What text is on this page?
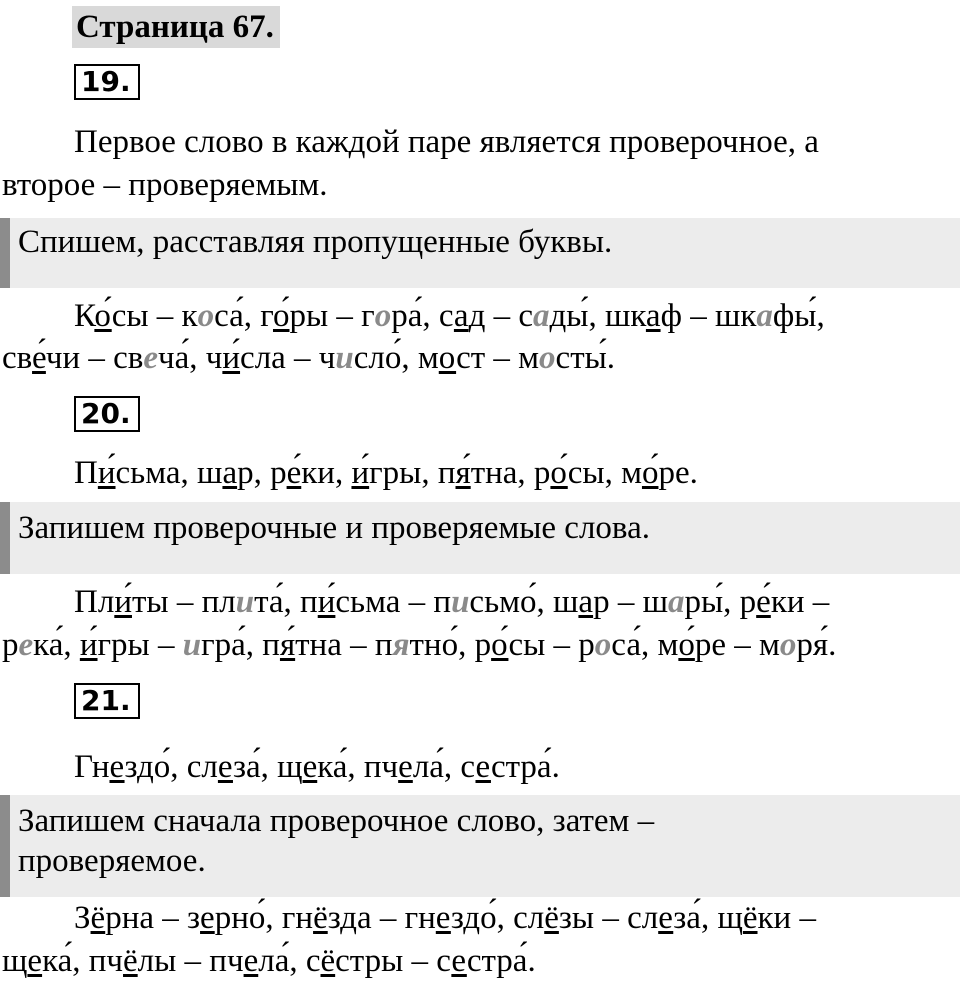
Страница 67.
19.
Первое слово в каждой паре является проверочное, а
второе – проверяемым.
Спишем, расставляя пропущенные буквы.
Ко́сы – коса́, го́ры – гора́, сад – сады́, шкаф – шкафы́,
све́чи – свеча́, чи́сла – число́, мост – мосты́.
20.
Пи́сьма, шар, ре́ки, и́гры, пя́тна, ро́сы, мо́ре.
Запишем проверочные и проверяемые слова.
Пли́ты – плита́, пи́сьма – письмо́, шар – шары́, ре́ки –
река́, и́гры – игра́, пя́тна – пятно́, ро́сы – роса́, мо́ре – моря́.
21.
Гнездо́, слеза́, щека́, пчела́, сестра́.
Запишем сначала проверочное слово, затем –
проверяемое.
Зёрна – зерно́, гнёзда – гнездо́, слёзы – слеза́, щёки –
щека́, пчёлы – пчела́, сёстры – сестра́.
